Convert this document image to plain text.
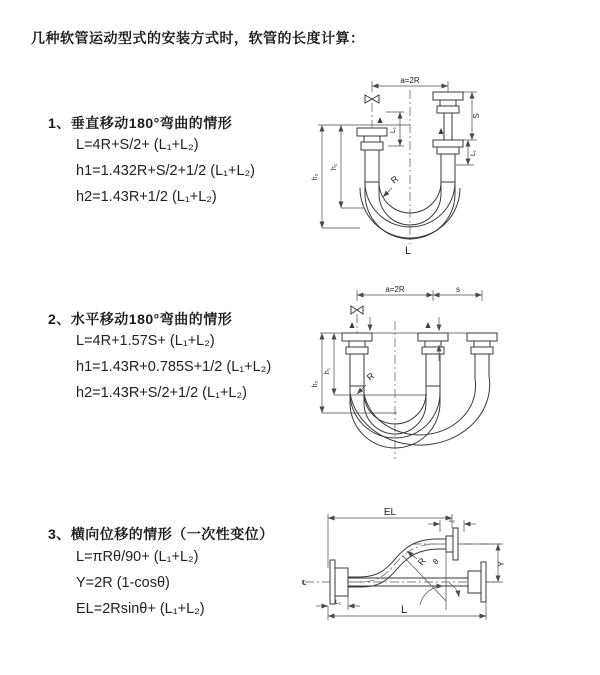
几种软管运动型式的安装方式时，软管的长度计算：
1、垂直移动180°弯曲的情形
L=4R+S/2+ (L₁+L₂)
h1=1.432R+S/2+1/2 (L₁+L₂)
h2=1.43R+1/2 (L₁+L₂)
2、水平移动180°弯曲的情形
L=4R+1.57S+ (L₁+L₂)
h1=1.43R+0.785S+1/2 (L₁+L₂)
h2=1.43R+S/2+1/2 (L₁+L₂)
3、横向位移的情形（一次性变位）
L=πRθ/90+ (L₁+L₂)
Y=2R (1-cosθ)
EL=2Rsinθ+ (L₁+L₂)
a=2R
L₁
h₁
h₂
S
L₁
R
L
a=2R	s
h₁
h₂
R
EL
L₁
℄
θ
R	Y
L
L₁
